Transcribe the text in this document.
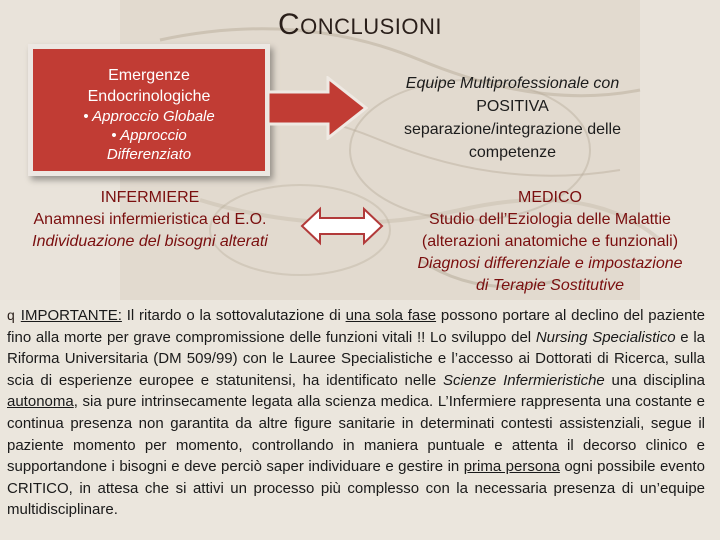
CONCLUSIONI
Emergenze
Endocrinologiche
• Approccio Globale
• Approccio
Differenziato
Equipe Multiprofessionale con
POSITIVA
separazione/integrazione delle
competenze
INFERMIERE
Anamnesi infermieristica ed E.O.
Individuazione del bisogni alterati
MEDICO
Studio dell’Eziologia delle Malattie
(alterazioni anatomiche e funzionali)
Diagnosi differenziale e impostazione
di Terapie Sostitutive
q IMPORTANTE: Il ritardo o la sottovalutazione di una sola fase possono portare al declino del paziente fino alla morte per grave compromissione delle funzioni vitali !! Lo sviluppo del Nursing Specialistico e la Riforma Universitaria (DM 509/99) con le Lauree Specialistiche e l’accesso ai Dottorati di Ricerca, sulla scia di esperienze europee e statunitensi, ha identificato nelle Scienze Infermieristiche una disciplina autonoma, sia pure intrinsecamente legata alla scienza medica. L’Infermiere rappresenta una costante e continua presenza non garantita da altre figure sanitarie in determinati contesti assistenziali, segue il paziente momento per momento, controllando in maniera puntuale e attenta il decorso clinico e supportandone i bisogni e deve perciò saper individuare e gestire in prima persona ogni possibile evento CRITICO, in attesa che si attivi un processo più complesso con la necessaria presenza di un’equipe multidisciplinare.
